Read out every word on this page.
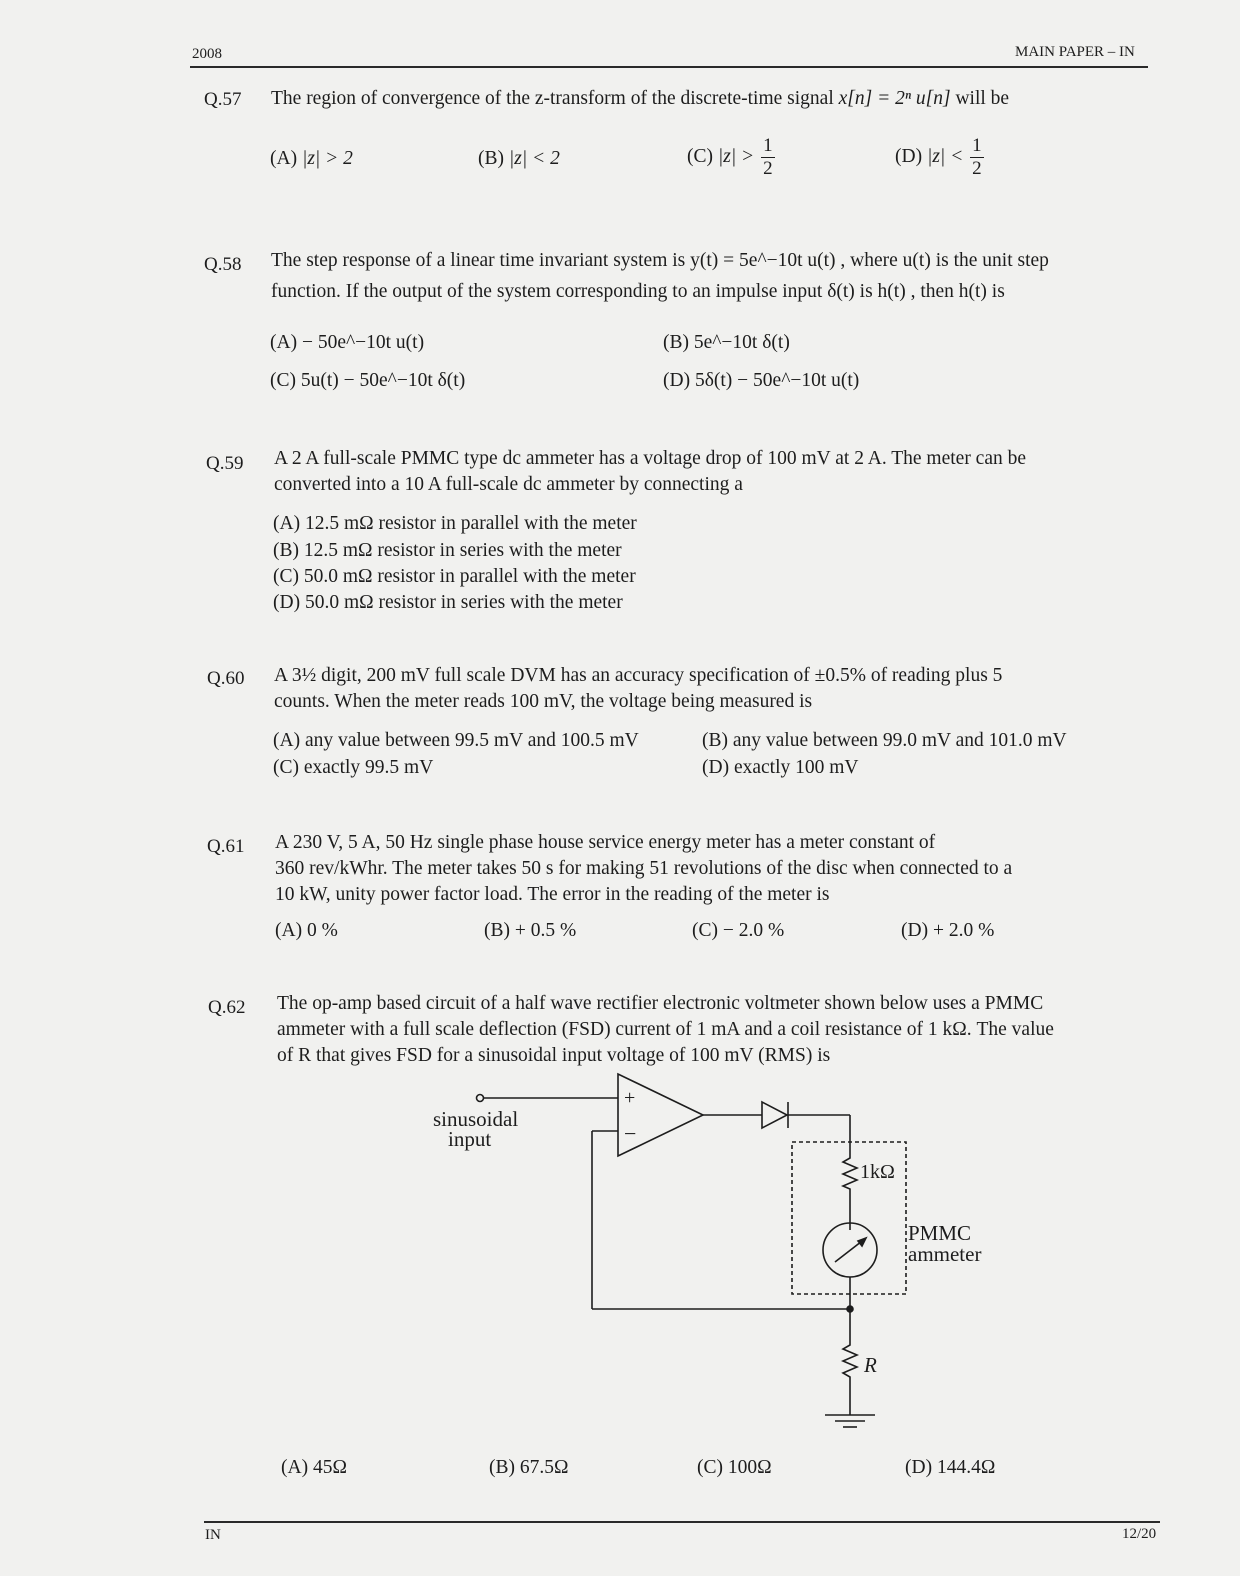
2008	MAIN PAPER – IN
Q.57 The region of convergence of the z-transform of the discrete-time signal x[n] = 2ⁿ u[n] will be
(A) |z| > 2	(B) |z| < 2	(C) $|z| > \frac{1}{2}$	(D) $|z| < \frac{1}{2}$
Q.58 The step response of a linear time invariant system is y(t) = 5e^−10t u(t) , where u(t) is the unit step
function. If the output of the system corresponding to an impulse input δ(t) is h(t) , then h(t) is
(A) − 50e^−10t u(t)	(B) 5e^−10t δ(t)
(C) 5u(t) − 50e^−10t δ(t)	(D) 5δ(t) − 50e^−10t u(t)
Q.59 A 2 A full-scale PMMC type dc ammeter has a voltage drop of 100 mV at 2 A. The meter can be
converted into a 10 A full-scale dc ammeter by connecting a
(A) 12.5 mΩ resistor in parallel with the meter
(B) 12.5 mΩ resistor in series with the meter
(C) 50.0 mΩ resistor in parallel with the meter
(D) 50.0 mΩ resistor in series with the meter
Q.60 A 3½ digit, 200 mV full scale DVM has an accuracy specification of ±0.5% of reading plus 5
counts. When the meter reads 100 mV, the voltage being measured is
(A) any value between 99.5 mV and 100.5 mV	(B) any value between 99.0 mV and 101.0 mV
(C) exactly 99.5 mV	(D) exactly 100 mV
Q.61 A 230 V, 5 A, 50 Hz single phase house service energy meter has a meter constant of
360 rev/kWhr. The meter takes 50 s for making 51 revolutions of the disc when connected to a
10 kW, unity power factor load. The error in the reading of the meter is
(A) 0 %	(B) + 0.5 %	(C) − 2.0 %	(D) + 2.0 %
Q.62 The op-amp based circuit of a half wave rectifier electronic voltmeter shown below uses a PMMC
ammeter with a full scale deflection (FSD) current of 1 mA and a coil resistance of 1 kΩ. The value
of R that gives FSD for a sinusoidal input voltage of 100 mV (RMS) is
+
−
sinusoidal
input
1kΩ
PMMC
ammeter
R
(A) 45Ω	(B) 67.5Ω	(C) 100Ω	(D) 144.4Ω
IN	12/20
